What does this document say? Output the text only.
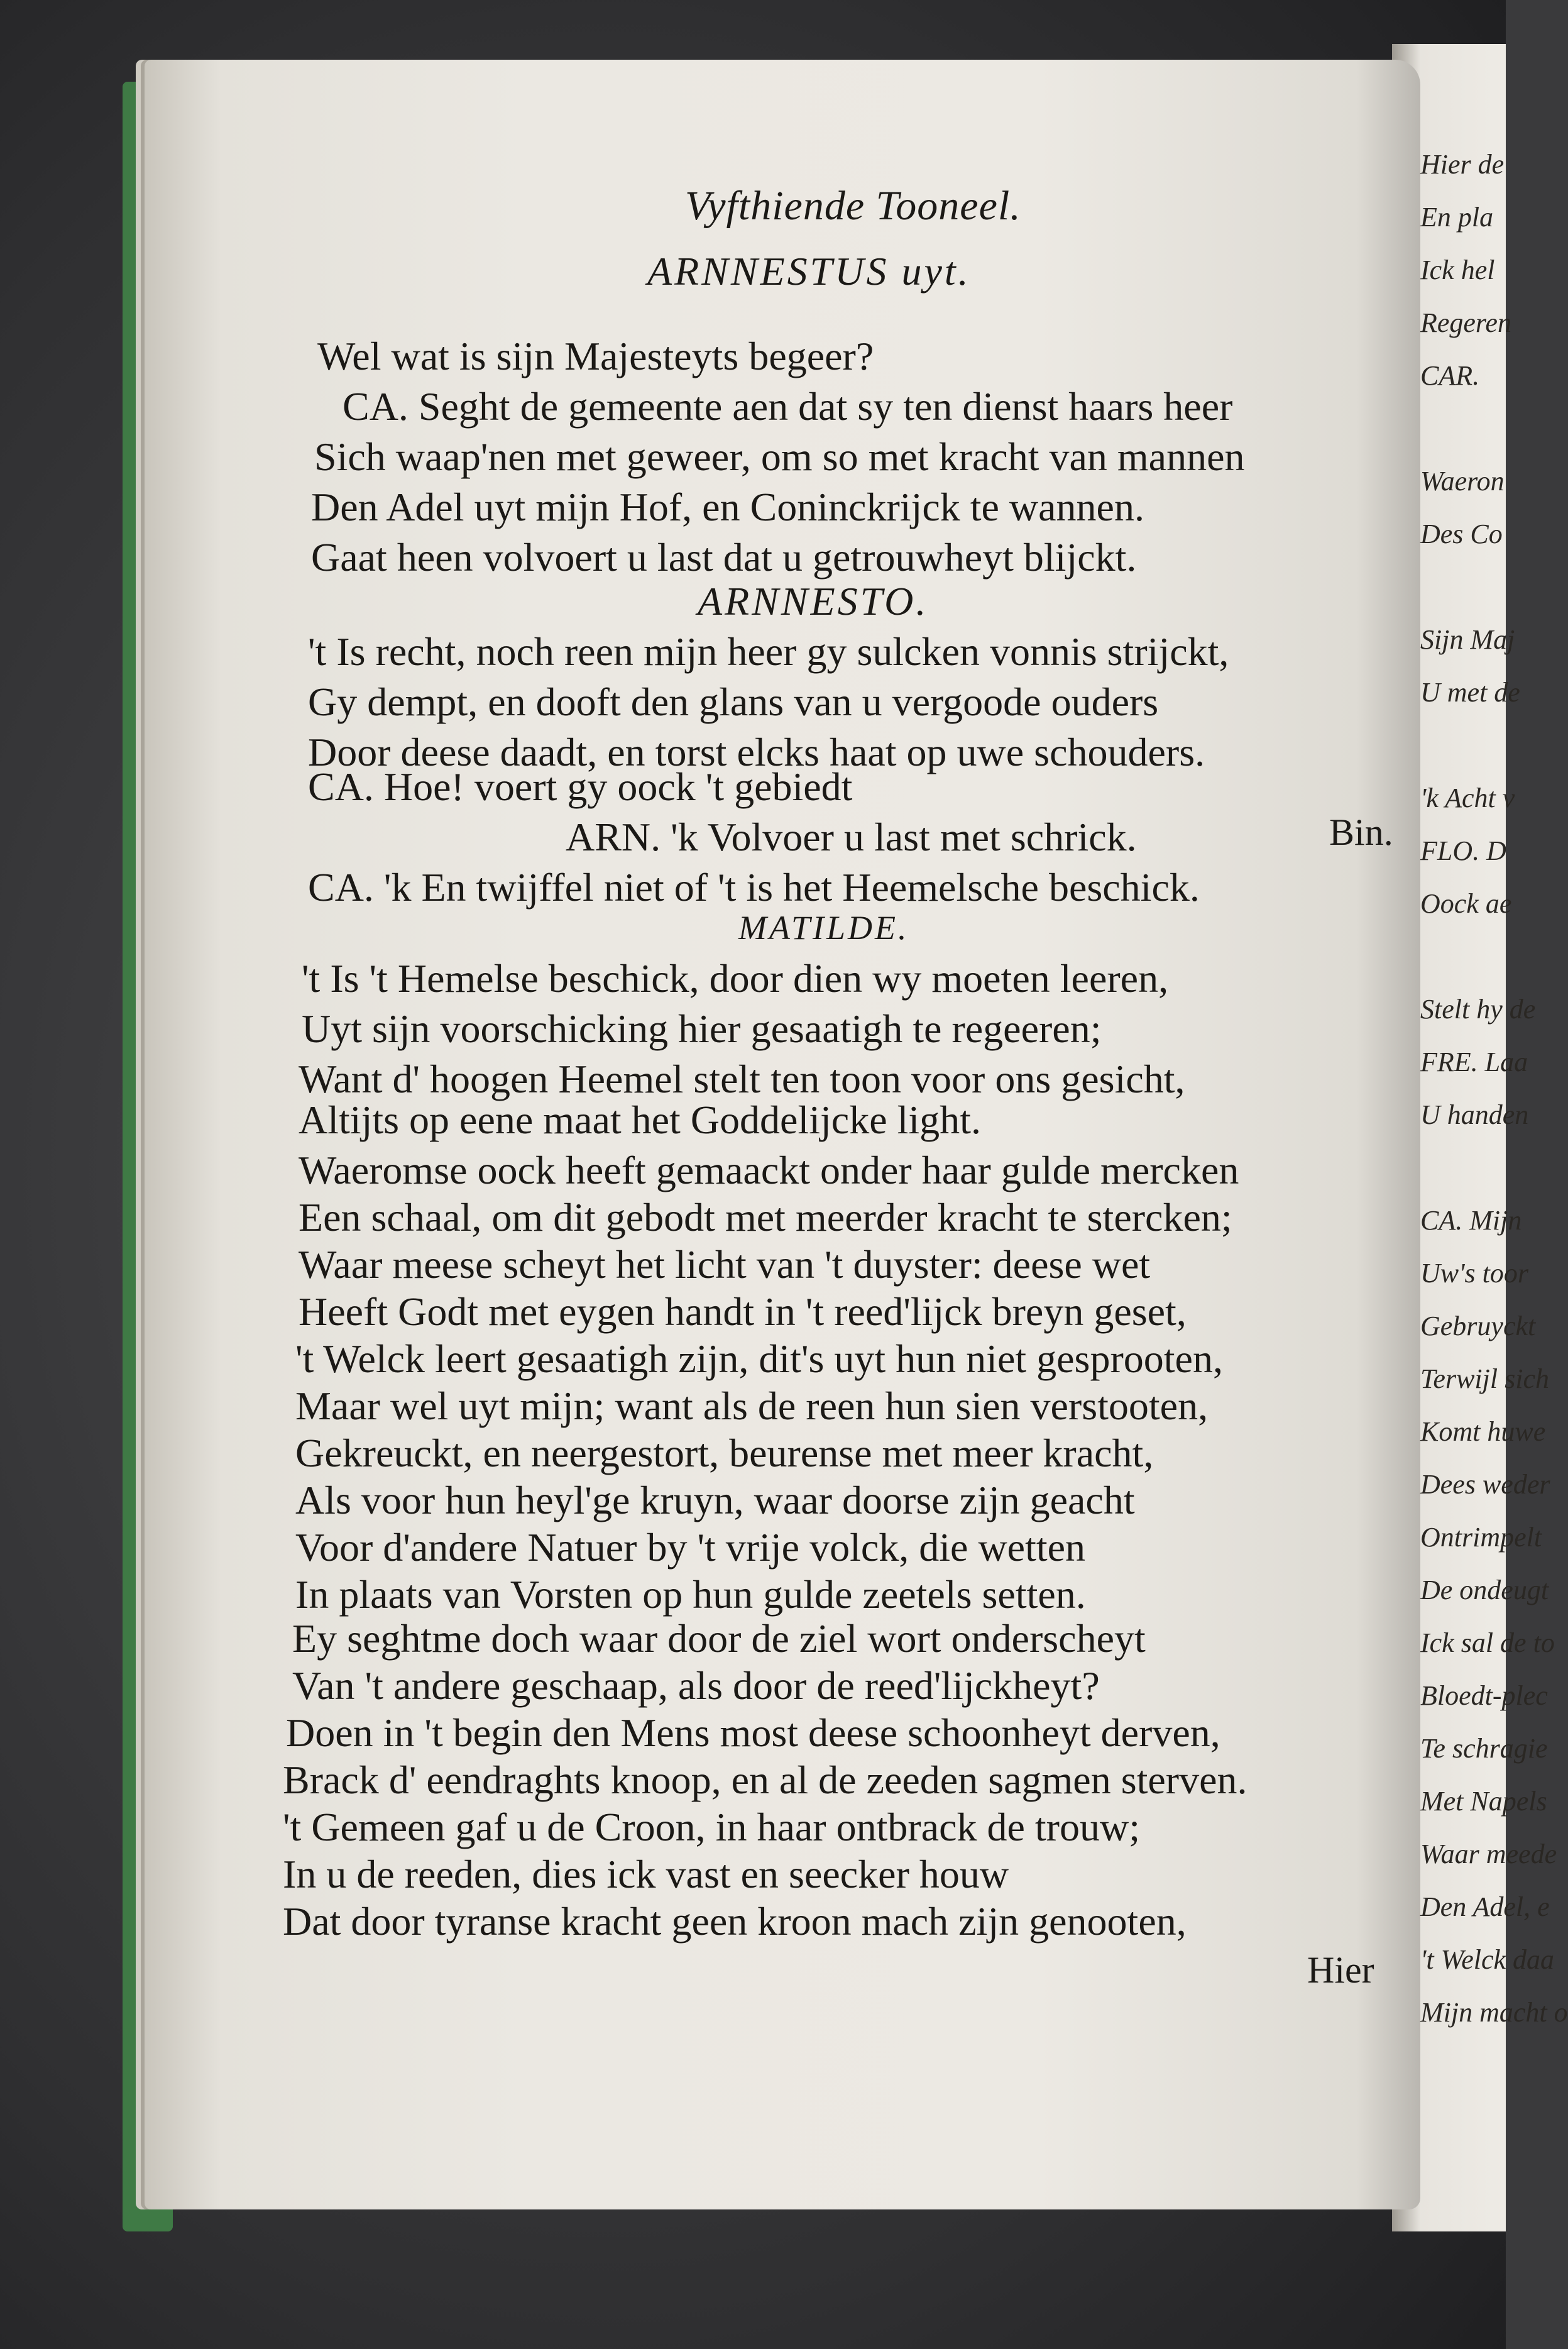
Hier de
En pla
Ick hel
Regeren
CAR.
Waeron
Des Co
Sijn Maj
U met de
'k Acht v
FLO. D
Oock ae
Stelt hy de
FRE. Laa
U handen
CA. Mijn
Uw's toor
Gebruyckt
Terwijl sich
Komt huwe
Dees weder
Ontrimpelt
De ondeugt
Ick sal de to
Bloedt-plec
Te schragie
Met Napels
Waar meede
Den Adel, e
't Welck daa
Mijn macht o
Vyfthiende Tooneel.
ARNNESTUS uyt.
Wel wat is sijn Majesteyts begeer?
CA. Seght de gemeente aen dat sy ten dienst haars heer
Sich waap'nen met geweer, om so met kracht van mannen
Den Adel uyt mijn Hof, en Coninckrijck te wannen.
Gaat heen volvoert u last dat u getrouwheyt blijckt.
ARNNESTO.
't Is recht, noch reen mijn heer gy sulcken vonnis strijckt,
Gy dempt, en dooft den glans van u vergoode ouders
Door deese daadt, en torst elcks haat op uwe schouders.
CA. Hoe! voert gy oock 't gebiedt
ARN. 'k Volvoer u last met schrick.	Bin.
CA. 'k En twijffel niet of 't is het Heemelsche beschick.
MATILDE.
't Is 't Hemelse beschick, door dien wy moeten leeren,
Uyt sijn voorschicking hier gesaatigh te regeeren;
Want d' hoogen Heemel stelt ten toon voor ons gesicht,
Altijts op eene maat het Goddelijcke light.
Waeromse oock heeft gemaackt onder haar gulde mercken
Een schaal, om dit gebodt met meerder kracht te stercken;
Waar meese scheyt het licht van 't duyster: deese wet
Heeft Godt met eygen handt in 't reed'lijck breyn geset,
't Welck leert gesaatigh zijn, dit's uyt hun niet gesprooten,
Maar wel uyt mijn; want als de reen hun sien verstooten,
Gekreuckt, en neergestort, beurense met meer kracht,
Als voor hun heyl'ge kruyn, waar doorse zijn geacht
Voor d'andere Natuer by 't vrije volck, die wetten
In plaats van Vorsten op hun gulde zeetels setten.
Ey seghtme doch waar door de ziel wort onderscheyt
Van 't andere geschaap, als door de reed'lijckheyt?
Doen in 't begin den Mens most deese schoonheyt derven,
Brack d' eendraghts knoop, en al de zeeden sagmen sterven.
't Gemeen gaf u de Croon, in haar ontbrack de trouw;
In u de reeden, dies ick vast en seecker houw
Dat door tyranse kracht geen kroon mach zijn genooten,
Hier
